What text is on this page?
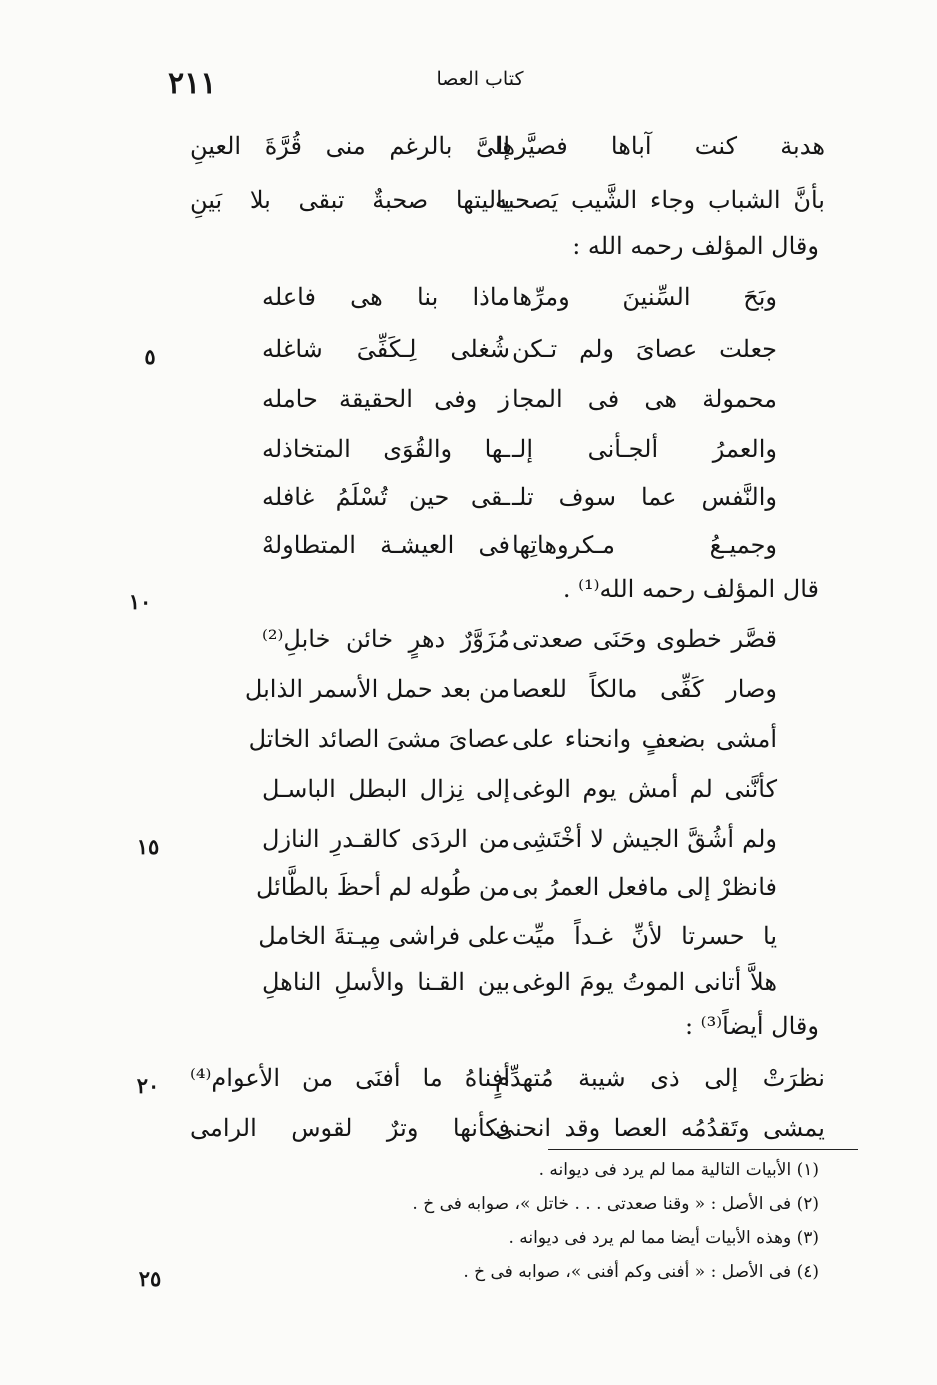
٢١١	كتاب العصا
هدبة كنت آباها فصيَّرها
إلىَّ بالرغم منى قُرَّةَ العينِ
بأنَّ الشباب وجاء الشَّيب يَصحبه
ياليتها صحبةٌ تبقى بلا بَينِ
وقال المؤلف رحمه الله :
وبَحَ السِّنينَ ومرِّها
ماذا بنا هى فاعله
جعلت عصاىَ ولم تـكن
شُغلى لِـكَفِّىَ شاغله
محمولة هى فى المجا
ز وفى الحقيقة حامله
والعمرُ ألجـأنى إلـ
ـها والقُوَى المتخاذله
والنَّفس عما سوف تلـ
ـقى حين تُسْلَمُ غافله
وجميـعُ مـكروهاتِها
فى العيشـة المتطاولهْ
قال المؤلف رحمه الله⁽¹⁾ .
قصَّر خطوى وحَنَى صعدتى
مُزَوَّرٌ دهرٍ خائن خابلِ⁽²⁾
وصار كَفِّى مالكاً للعصا
من بعد حمل الأسمر الذابل
أمشى بضعفٍ وانحناء على
عصاىَ مشىَ الصائد الخاتل
كأنَّنى لم أمش يوم الوغى
إلى نِزال البطل الباسـل
ولم أشُقَّ الجيش لا أخْتَشِى
من الردَى كالقـدرِ النازل
فانظرْ إلى مافعل العمرُ بى
من طُوله لم أحظَ بالطَّائل
يا حسرتا لأنِّ غـداً ميِّت
على فراشى مِيـتةَ الخامل
هلاَّ أتانى الموتُ يومَ الوغى
بين القـنا والأسلِ الناهلِ
وقال أيضاً⁽³⁾ :
نظرَتْ إلى ذى شيبة مُتهدِّمٍ
أفناهُ ما أفنَى من الأعوام⁽⁴⁾
يمشى وتَقدُمُه العصا وقد انحنى
فكأنها وترٌ لقوس الرامى
٥
١٠
١٥
٢٠
٢٥
(١) الأبيات التالية مما لم يرد فى ديوانه .
(٢) فى الأصل : « وقنا صعدتى . . . خاتل »، صوابه فى خ .
(٣) وهذه الأبيات أيضا مما لم يرد فى ديوانه .
(٤) فى الأصل : « أفنى وكم أفنى »، صوابه فى خ .
